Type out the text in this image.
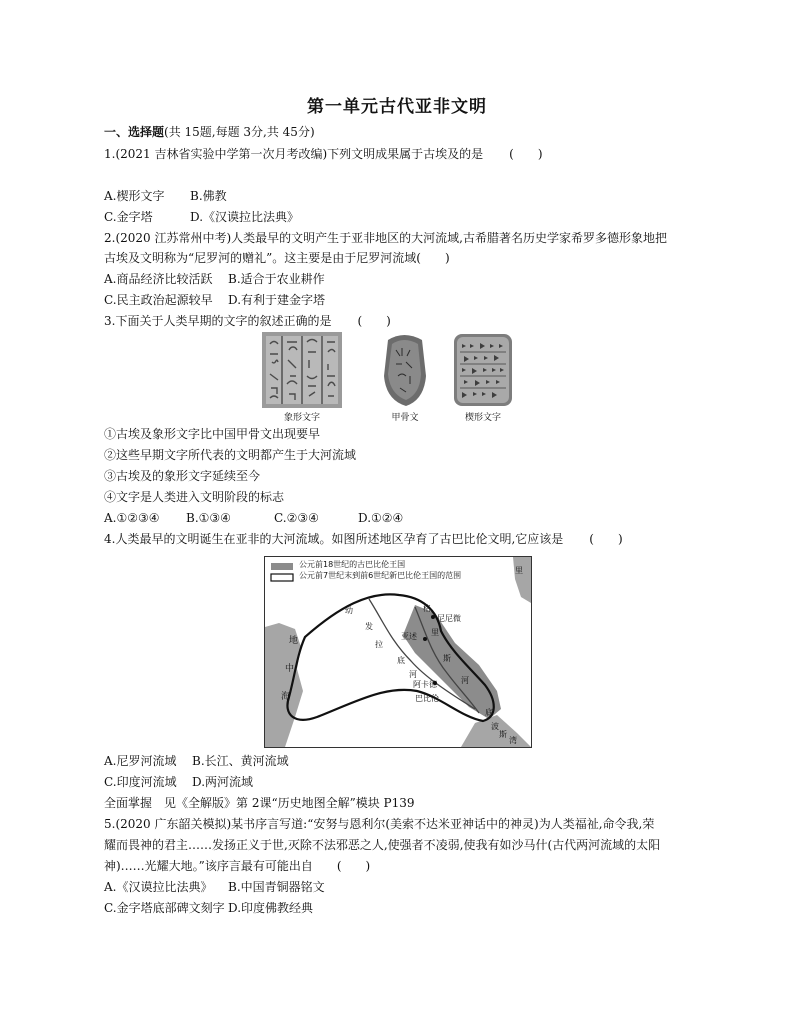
第一单元古代亚非文明
一、选择题(共 15题,每题 3分,共 45分)
1.(2021 吉林省实验中学第一次月考改编)下列文明成果属于古埃及的是 (　　)
A.楔形文字 B.佛教
C.金字塔	D.《汉谟拉比法典》
2.(2020 江苏常州中考)人类最早的文明产生于亚非地区的大河流域,古希腊著名历史学家希罗多德形象地把
古埃及文明称为“尼罗河的赠礼”。这主要是由于尼罗河流域(　　)
A.商品经济比较活跃 B.适合于农业耕作
C.民主政治起源较早 D.有利于建金字塔
3.下面关于人类早期的文字的叙述正确的是 (　　)
象形文字	甲骨文	楔形文字
①古埃及象形文字比中国甲骨文出现要早
②这些早期文字所代表的文明都产生于大河流域
③古埃及的象形文字延续至今
④文字是人类进入文明阶段的标志
A.①②③④ B.①③④	C.②③④	D.①②④
4.人类最早的文明诞生在亚非的大河流域。如图所述地区孕育了古巴比伦文明,它应该是 (　　)
公元前18世纪的古巴比伦王国
公元前7世纪末到前6世纪新巴比伦王国的范围
里
幼
发
拉
底
河
格
里
斯
河
尼尼微
亚述
阿卡德
巴比伦
地
中
海
波
斯
湾
底
A.尼罗河流域 B.长江、黄河流域
C.印度河流域 D.两河流域
全面掌握　见《全解版》第 2课“历史地图全解”模块 P139
5.(2020 广东韶关模拟)某书序言写道:“安努与恩利尔(美索不达米亚神话中的神灵)为人类福祉,命令我,荣
耀而畏神的君主……发扬正义于世,灭除不法邪恶之人,使强者不凌弱,使我有如沙马什(古代两河流域的太阳
神)……光耀大地。”该序言最有可能出自　　(　　)
A.《汉谟拉比法典》 B.中国青铜器铭文
C.金字塔底部碑文刻字 D.印度佛教经典
